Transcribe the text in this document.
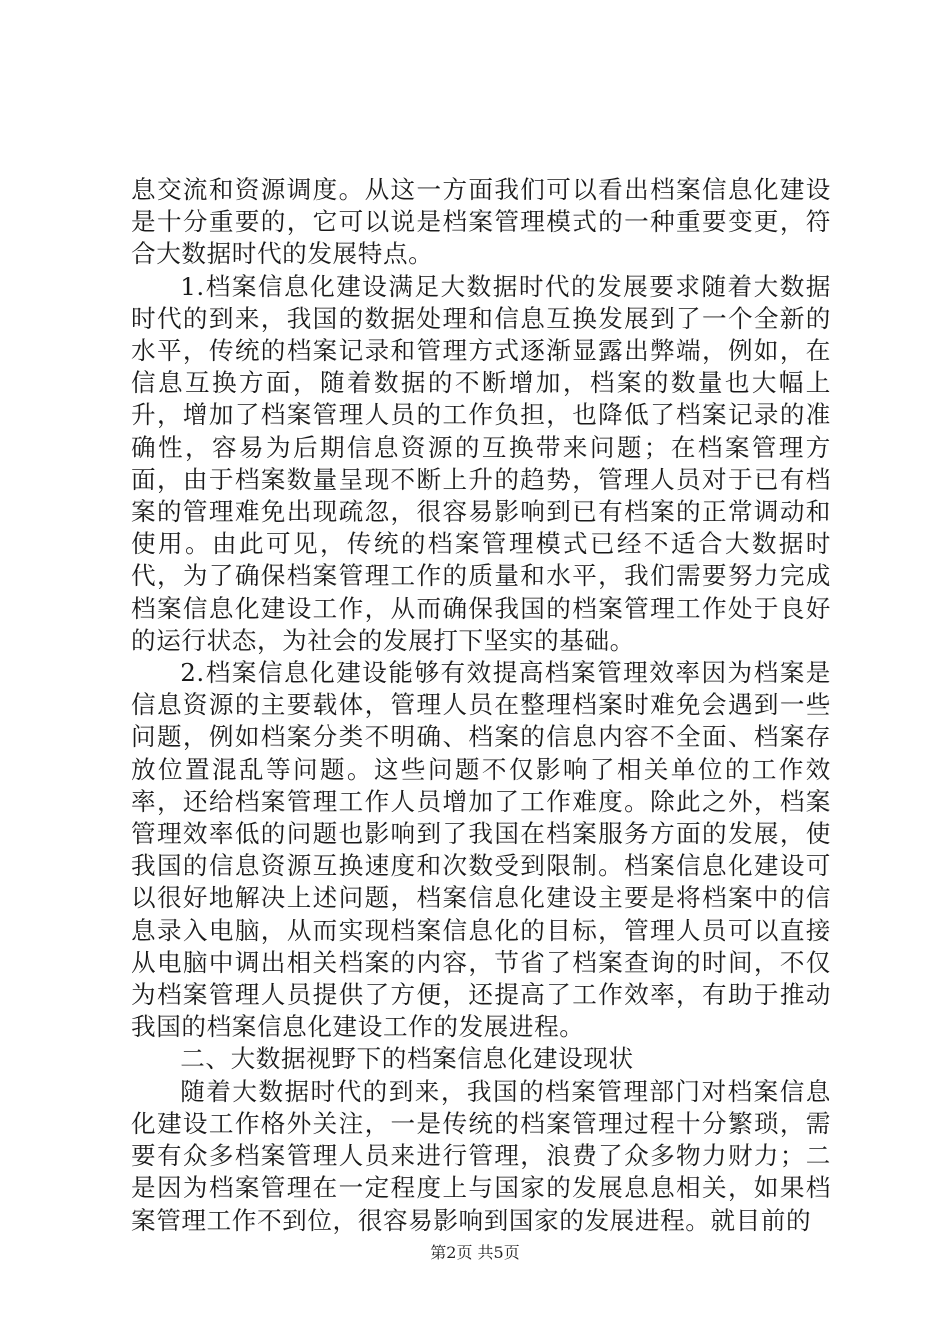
息交流和资源调度。从这一方面我们可以看出档案信息化建设是十分重要的，它可以说是档案管理模式的一种重要变更，符合大数据时代的发展特点。

1.档案信息化建设满足大数据时代的发展要求随着大数据时代的到来，我国的数据处理和信息互换发展到了一个全新的水平，传统的档案记录和管理方式逐渐显露出弊端，例如，在信息互换方面，随着数据的不断增加，档案的数量也大幅上升，增加了档案管理人员的工作负担，也降低了档案记录的准确性，容易为后期信息资源的互换带来问题；在档案管理方面，由于档案数量呈现不断上升的趋势，管理人员对于已有档案的管理难免出现疏忽，很容易影响到已有档案的正常调动和使用。由此可见，传统的档案管理模式已经不适合大数据时代，为了确保档案管理工作的质量和水平，我们需要努力完成档案信息化建设工作，从而确保我国的档案管理工作处于良好的运行状态，为社会的发展打下坚实的基础。

2.档案信息化建设能够有效提高档案管理效率因为档案是信息资源的主要载体，管理人员在整理档案时难免会遇到一些问题，例如档案分类不明确、档案的信息内容不全面、档案存放位置混乱等问题。这些问题不仅影响了相关单位的工作效率，还给档案管理工作人员增加了工作难度。除此之外，档案管理效率低的问题也影响到了我国在档案服务方面的发展，使我国的信息资源互换速度和次数受到限制。档案信息化建设可以很好地解决上述问题，档案信息化建设主要是将档案中的信息录入电脑，从而实现档案信息化的目标，管理人员可以直接从电脑中调出相关档案的内容，节省了档案查询的时间，不仅为档案管理人员提供了方便，还提高了工作效率，有助于推动我国的档案信息化建设工作的发展进程。

二、大数据视野下的档案信息化建设现状

随着大数据时代的到来，我国的档案管理部门对档案信息化建设工作格外关注，一是传统的档案管理过程十分繁琐，需要有众多档案管理人员来进行管理，浪费了众多物力财力；二是因为档案管理在一定程度上与国家的发展息息相关，如果档案管理工作不到位，很容易影响到国家的发展进程。就目前的

第2页 共5页
